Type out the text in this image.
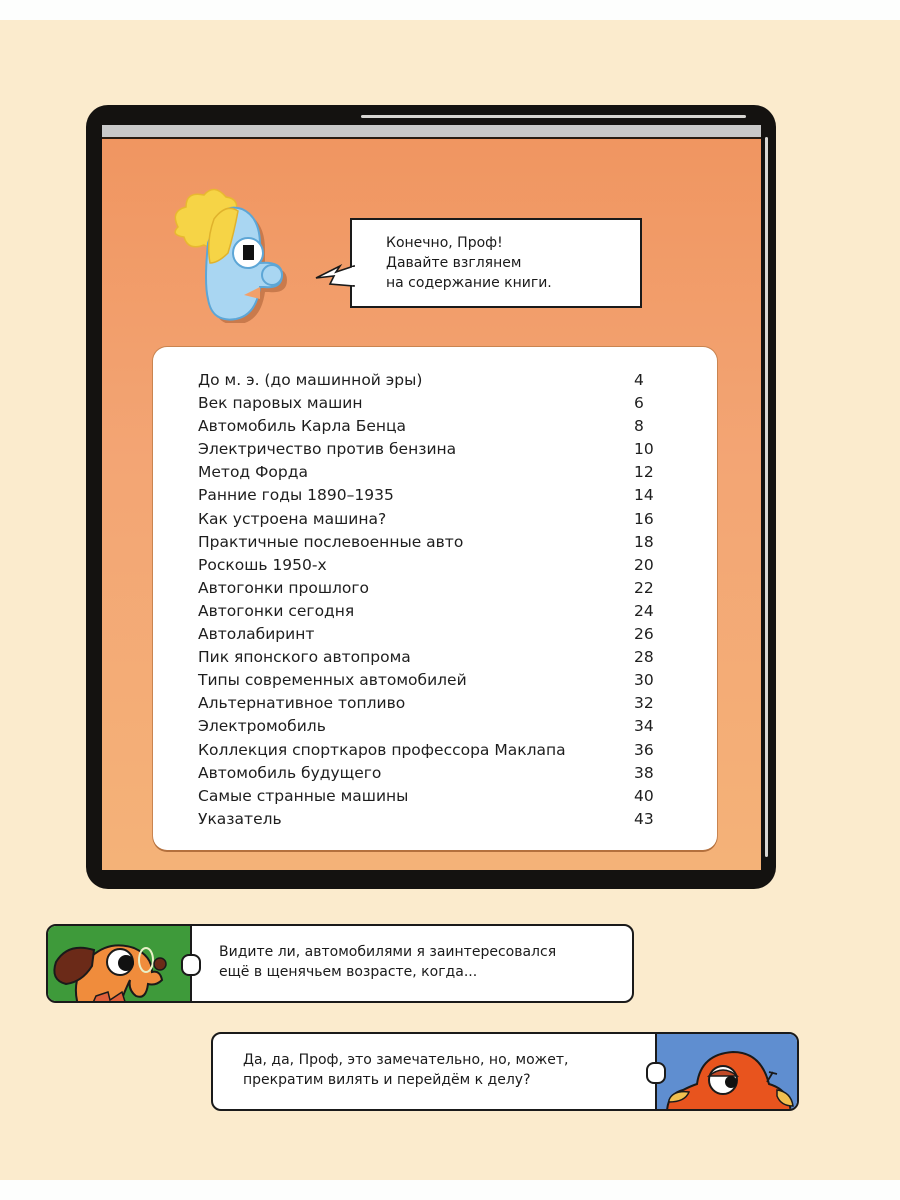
Конечно, Проф!
Давайте взглянем
на содержание книги.
До м. э. (до машинной эры)	4
Век паровых машин	6
Автомобиль Карла Бенца	8
Электричество против бензина	10
Метод Форда	12
Ранние годы 1890–1935	14
Как устроена машина?	16
Практичные послевоенные авто	18
Роскошь 1950-х	20
Автогонки прошлого	22
Автогонки сегодня	24
Автолабиринт	26
Пик японского автопрома	28
Типы современных автомобилей	30
Альтернативное топливо	32
Электромобиль	34
Коллекция спорткаров профессора Маклапа	36
Автомобиль будущего	38
Самые странные машины	40
Указатель	43
Видите ли, автомобилями я заинтересовался
ещё в щенячьем возрасте, когда...
Да, да, Проф, это замечательно, но, может,
прекратим вилять и перейдём к делу?
